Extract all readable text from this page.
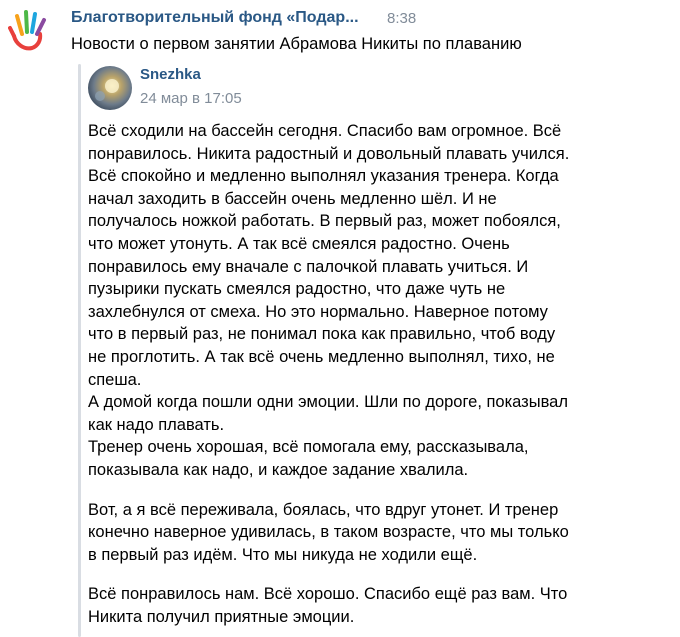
Благотворительный фонд «Подар... 8:38
Новости о первом занятии Абрамова Никиты по плаванию
Snezhka
24 мар в 17:05

Всё сходили на бассейн сегодня. Спасибо вам огромное. Всё

понравилось. Никита радостный и довольный плавать учился.

Всё спокойно и медленно выполнял указания тренера. Когда

начал заходить в бассейн очень медленно шёл. И не

получалось ножкой работать. В первый раз, может побоялся,

что может утонуть. А так всё смеялся радостно. Очень

понравилось ему вначале с палочкой плавать учиться. И

пузырики пускать смеялся радостно, что даже чуть не

захлебнулся от смеха. Но это нормально. Наверное потому

что в первый раз, не понимал пока как правильно, чтоб воду

не проглотить. А так всё очень медленно выполнял, тихо, не

спеша.

А домой когда пошли одни эмоции. Шли по дороге, показывал

как надо плавать.

Тренер очень хорошая, всё помогала ему, рассказывала,

показывала как надо, и каждое задание хвалила.

Вот, а я всё переживала, боялась, что вдруг утонет. И тренер

конечно наверное удивилась, в таком возрасте, что мы только

в первый раз идём. Что мы никуда не ходили ещё.

Всё понравилось нам. Всё хорошо. Спасибо ещё раз вам. Что

Никита получил приятные эмоции.
